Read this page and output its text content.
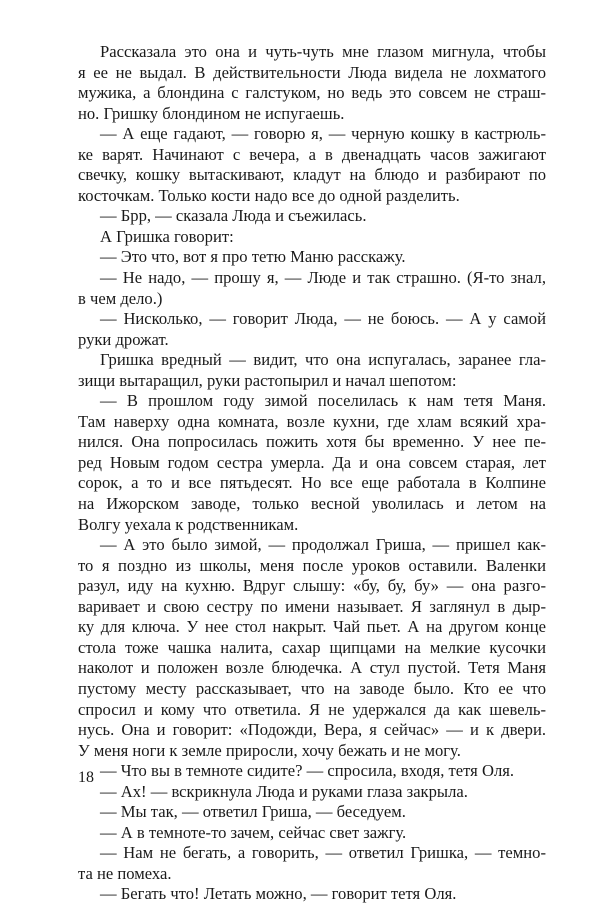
Рассказала это она и чуть-чуть мне глазом мигнула, чтобы
я ее не выдал. В действительности Люда видела не лохматого
мужика, а блондина с галстуком, но ведь это совсем не страш-
но. Гришку блондином не испугаешь.
— А еще гадают, — говорю я, — черную кошку в кастрюль-
ке варят. Начинают с вечера, а в двенадцать часов зажигают
свечку, кошку вытаскивают, кладут на блюдо и разбирают по
косточкам. Только кости надо все до одной разделить.
— Брр, — сказала Люда и съежилась.
А Гришка говорит:
— Это что, вот я про тетю Маню расскажу.
— Не надо, — прошу я, — Люде и так страшно. (Я-то знал,
в чем дело.)
— Нисколько, — говорит Люда, — не боюсь. — А у самой
руки дрожат.
Гришка вредный — видит, что она испугалась, заранее гла-
зищи вытаращил, руки растопырил и начал шепотом:
— В прошлом году зимой поселилась к нам тетя Маня.
Там наверху одна комната, возле кухни, где хлам всякий хра-
нился. Она попросилась пожить хотя бы временно. У нее пе-
ред Новым годом сестра умерла. Да и она совсем старая, лет
сорок, а то и все пятьдесят. Но все еще работала в Колпине
на Ижорском заводе, только весной уволилась и летом на
Волгу уехала к родственникам.
— А это было зимой, — продолжал Гриша, — пришел как-
то я поздно из школы, меня после уроков оставили. Валенки
разул, иду на кухню. Вдруг слышу: «бу, бу, бу» — она разго-
варивает и свою сестру по имени называет. Я заглянул в дыр-
ку для ключа. У нее стол накрыт. Чай пьет. А на другом конце
стола тоже чашка налита, сахар щипцами на мелкие кусочки
наколот и положен возле блюдечка. А стул пустой. Тетя Маня
пустому месту рассказывает, что на заводе было. Кто ее что
спросил и кому что ответила. Я не удержался да как шевель-
нусь. Она и говорит: «Подожди, Вера, я сейчас» — и к двери.
У меня ноги к земле приросли, хочу бежать и не могу.
— Что вы в темноте сидите? — спросила, входя, тетя Оля.
— Ах! — вскрикнула Люда и руками глаза закрыла.
— Мы так, — ответил Гриша, — беседуем.
— А в темноте-то зачем, сейчас свет зажгу.
— Нам не бегать, а говорить, — ответил Гришка, — темно-
та не помеха.
— Бегать что! Летать можно, — говорит тетя Оля.
18
